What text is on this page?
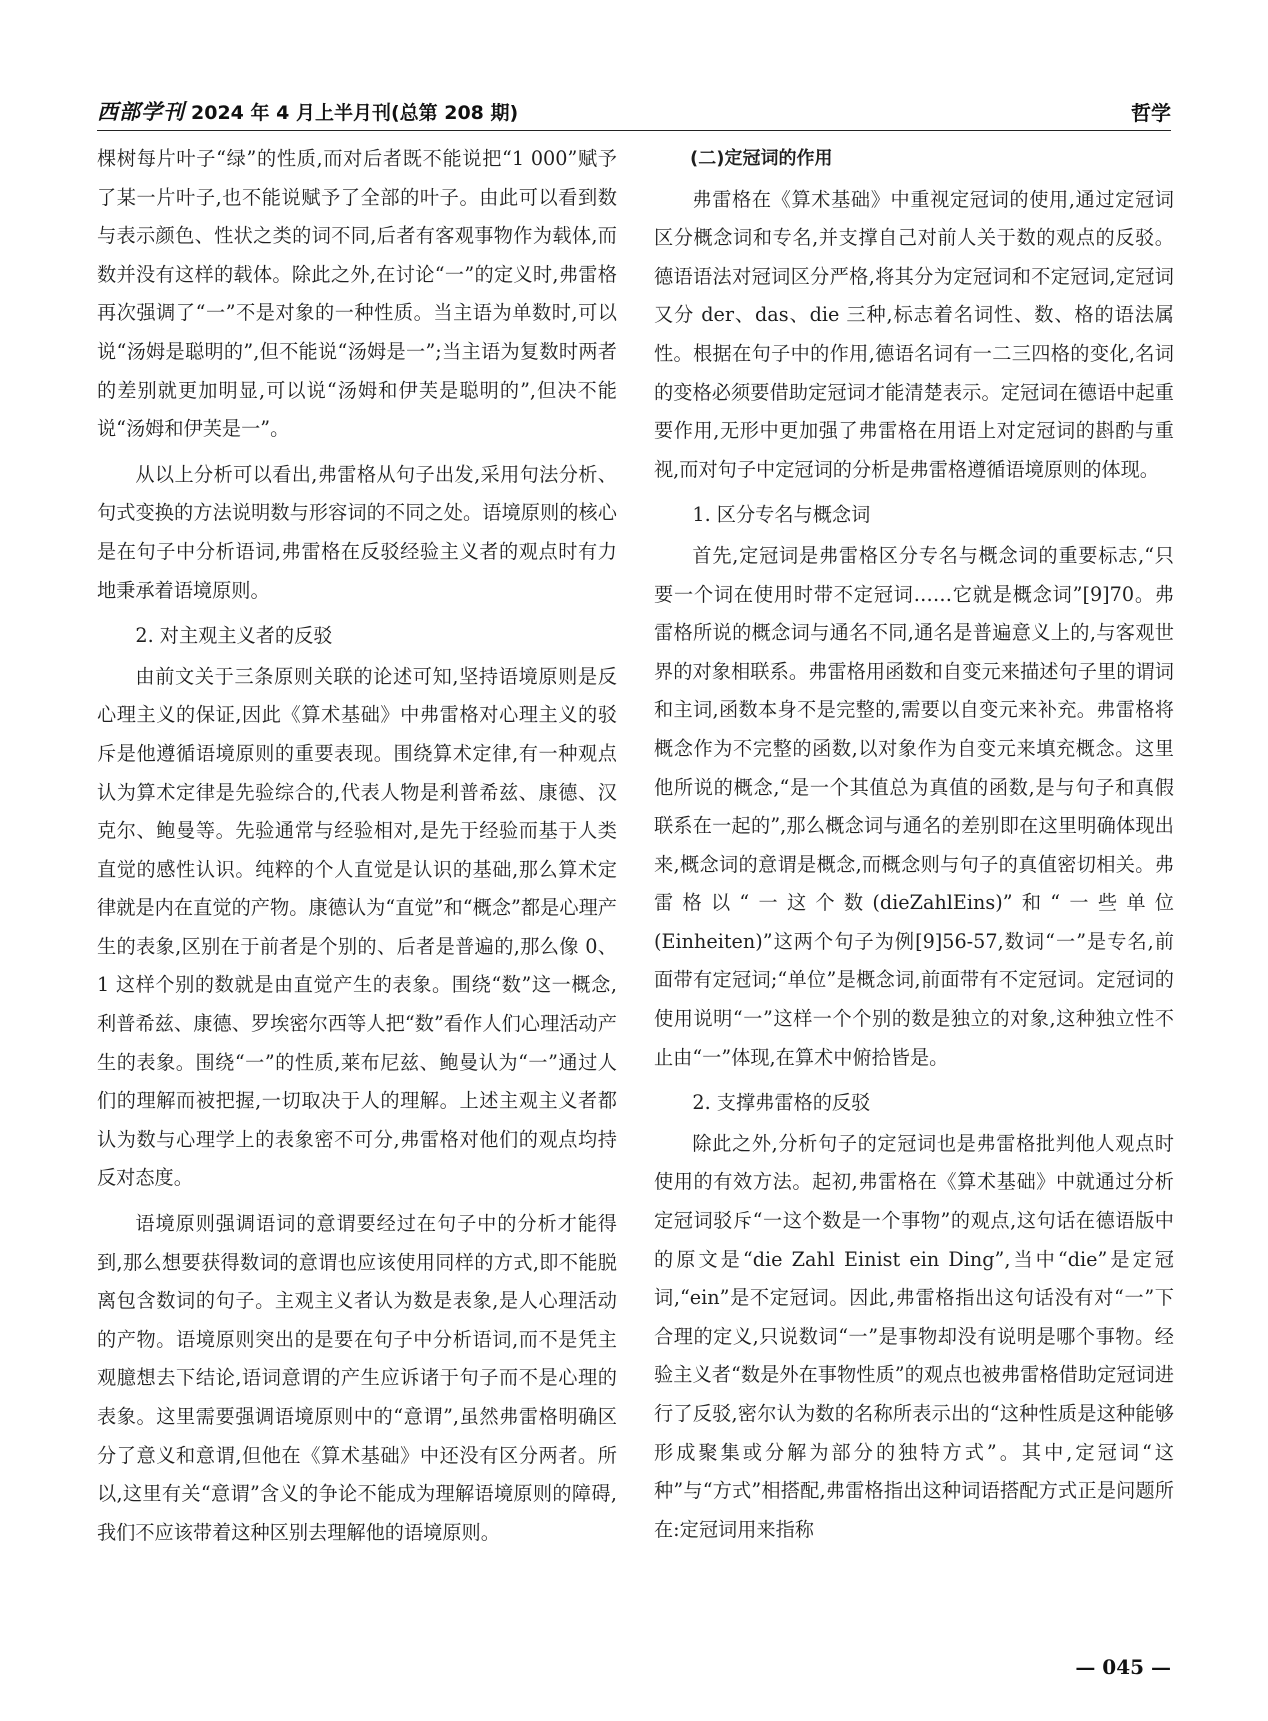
西部学刊 2024 年 4 月上半月刊(总第 208 期)	哲学

棵树每片叶子“绿”的性质,而对后者既不能说把“1 000”赋予了某一片叶子,也不能说赋予了全部的叶子。由此可以看到数与表示颜色、性状之类的词不同,后者有客观事物作为载体,而数并没有这样的载体。除此之外,在讨论“一”的定义时,弗雷格再次强调了“一”不是对象的一种性质。当主语为单数时,可以说“汤姆是聪明的”,但不能说“汤姆是一”;当主语为复数时两者的差别就更加明显,可以说“汤姆和伊芙是聪明的”,但决不能说“汤姆和伊芙是一”。

从以上分析可以看出,弗雷格从句子出发,采用句法分析、句式变换的方法说明数与形容词的不同之处。语境原则的核心是在句子中分析语词,弗雷格在反驳经验主义者的观点时有力地秉承着语境原则。

2. 对主观主义者的反驳

由前文关于三条原则关联的论述可知,坚持语境原则是反心理主义的保证,因此《算术基础》中弗雷格对心理主义的驳斥是他遵循语境原则的重要表现。围绕算术定律,有一种观点认为算术定律是先验综合的,代表人物是利普希兹、康德、汉克尔、鲍曼等。先验通常与经验相对,是先于经验而基于人类直觉的感性认识。纯粹的个人直觉是认识的基础,那么算术定律就是内在直觉的产物。康德认为“直觉”和“概念”都是心理产生的表象,区别在于前者是个别的、后者是普遍的,那么像 0、1 这样个别的数就是由直觉产生的表象。围绕“数”这一概念,利普希兹、康德、罗埃密尔西等人把“数”看作人们心理活动产生的表象。围绕“一”的性质,莱布尼兹、鲍曼认为“一”通过人们的理解而被把握,一切取决于人的理解。上述主观主义者都认为数与心理学上的表象密不可分,弗雷格对他们的观点均持反对态度。

语境原则强调语词的意谓要经过在句子中的分析才能得到,那么想要获得数词的意谓也应该使用同样的方式,即不能脱离包含数词的句子。主观主义者认为数是表象,是人心理活动的产物。语境原则突出的是要在句子中分析语词,而不是凭主观臆想去下结论,语词意谓的产生应诉诸于句子而不是心理的表象。这里需要强调语境原则中的“意谓”,虽然弗雷格明确区分了意义和意谓,但他在《算术基础》中还没有区分两者。所以,这里有关“意谓”含义的争论不能成为理解语境原则的障碍,我们不应该带着这种区别去理解他的语境原则。

(二)定冠词的作用

弗雷格在《算术基础》中重视定冠词的使用,通过定冠词区分概念词和专名,并支撑自己对前人关于数的观点的反驳。德语语法对冠词区分严格,将其分为定冠词和不定冠词,定冠词又分 der、das、die 三种,标志着名词性、数、格的语法属性。根据在句子中的作用,德语名词有一二三四格的变化,名词的变格必须要借助定冠词才能清楚表示。定冠词在德语中起重要作用,无形中更加强了弗雷格在用语上对定冠词的斟酌与重视,而对句子中定冠词的分析是弗雷格遵循语境原则的体现。

1. 区分专名与概念词

首先,定冠词是弗雷格区分专名与概念词的重要标志,“只要一个词在使用时带不定冠词……它就是概念词”[9]70。弗雷格所说的概念词与通名不同,通名是普遍意义上的,与客观世界的对象相联系。弗雷格用函数和自变元来描述句子里的谓词和主词,函数本身不是完整的,需要以自变元来补充。弗雷格将概念作为不完整的函数,以对象作为自变元来填充概念。这里他所说的概念,“是一个其值总为真值的函数,是与句子和真假联系在一起的”,那么概念词与通名的差别即在这里明确体现出来,概念词的意谓是概念,而概念则与句子的真值密切相关。弗雷格以“一这个数(dieZahlEins)”和“一些单位(Einheiten)”这两个句子为例[9]56-57,数词“一”是专名,前面带有定冠词;“单位”是概念词,前面带有不定冠词。定冠词的使用说明“一”这样一个个别的数是独立的对象,这种独立性不止由“一”体现,在算术中俯拾皆是。

2. 支撑弗雷格的反驳

除此之外,分析句子的定冠词也是弗雷格批判他人观点时使用的有效方法。起初,弗雷格在《算术基础》中就通过分析定冠词驳斥“一这个数是一个事物”的观点,这句话在德语版中的原文是“die Zahl Einist ein Ding”,当中“die”是定冠词,“ein”是不定冠词。因此,弗雷格指出这句话没有对“一”下合理的定义,只说数词“一”是事物却没有说明是哪个事物。经验主义者“数是外在事物性质”的观点也被弗雷格借助定冠词进行了反驳,密尔认为数的名称所表示出的“这种性质是这种能够形成聚集或分解为部分的独特方式”。其中,定冠词“这种”与“方式”相搭配,弗雷格指出这种词语搭配方式正是问题所在:定冠词用来指称

— 045 —
